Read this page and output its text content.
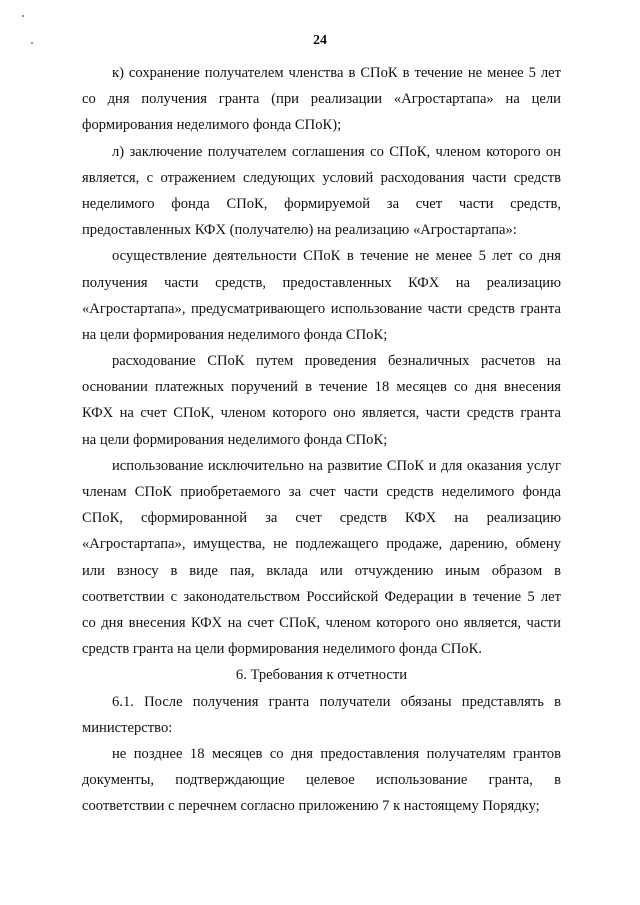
24
к) сохранение получателем членства в СПоК в течение не менее 5 лет
со дня получения гранта (при реализации «Агростартапа» на цели
формирования неделимого фонда СПоК);
л) заключение получателем соглашения со СПоК, членом которого он
является, с отражением следующих условий расходования части средств
неделимого фонда СПоК, формируемой за счет части средств,
предоставленных КФХ (получателю) на реализацию «Агростартапа»:
осуществление деятельности СПоК в течение не менее 5 лет со дня
получения части средств, предоставленных КФХ на реализацию
«Агростартапа», предусматривающего использование части средств гранта
на цели формирования неделимого фонда СПоК;
расходование СПоК путем проведения безналичных расчетов на
основании платежных поручений в течение 18 месяцев со дня внесения
КФХ на счет СПоК, членом которого оно является, части средств гранта
на цели формирования неделимого фонда СПоК;
использование исключительно на развитие СПоК и для оказания услуг
членам СПоК приобретаемого за счет части средств неделимого фонда
СПоК, сформированной за счет средств КФХ на реализацию
«Агростартапа», имущества, не подлежащего продаже, дарению, обмену
или взносу в виде пая, вклада или отчуждению иным образом в
соответствии с законодательством Российской Федерации в течение 5 лет
со дня внесения КФХ на счет СПоК, членом которого оно является, части
средств гранта на цели формирования неделимого фонда СПоК.
6. Требования к отчетности
6.1. После получения гранта получатели обязаны представлять в
министерство:
не позднее 18 месяцев со дня предоставления получателям грантов
документы, подтверждающие целевое использование гранта, в
соответствии с перечнем согласно приложению 7 к настоящему Порядку;
